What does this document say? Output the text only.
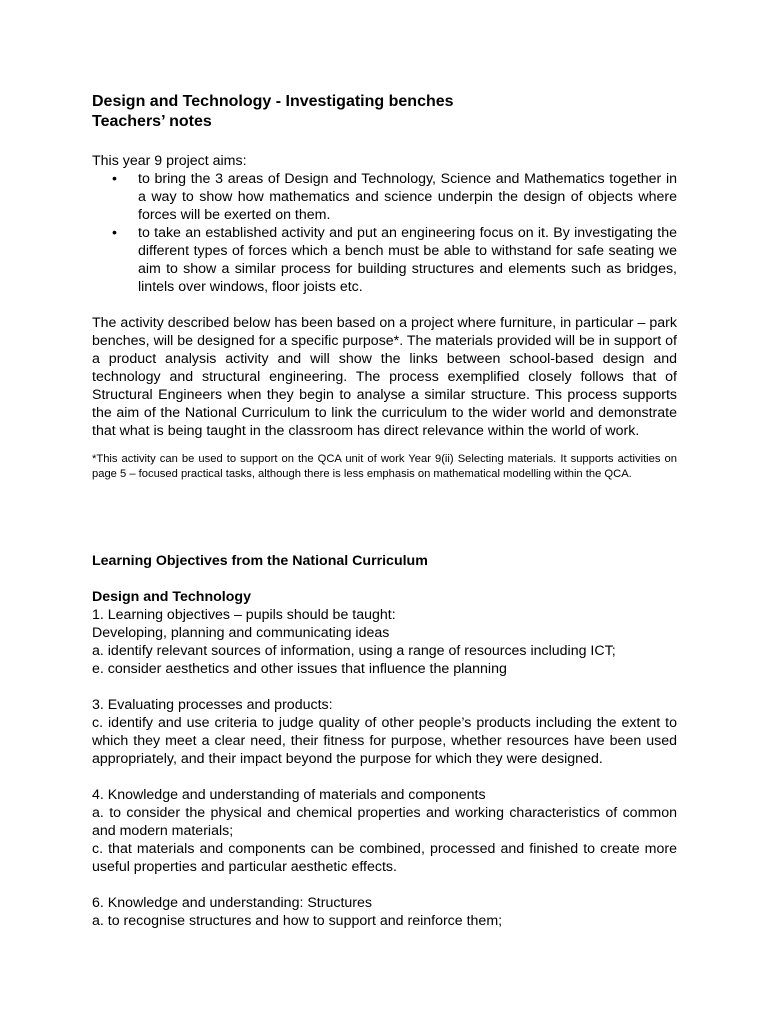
Design and Technology - Investigating benches

Teachers’ notes

This year 9 project aims:

• to bring the 3 areas of Design and Technology, Science and Mathematics together in a way to show how mathematics and science underpin the design of objects where forces will be exerted on them.
• to take an established activity and put an engineering focus on it. By investigating the different types of forces which a bench must be able to withstand for safe seating we aim to show a similar process for building structures and elements such as bridges, lintels over windows, floor joists etc.

The activity described below has been based on a project where furniture, in particular – park benches, will be designed for a specific purpose*. The materials provided will be in support of a product analysis activity and will show the links between school-based design and technology and structural engineering. The process exemplified closely follows that of Structural Engineers when they begin to analyse a similar structure. This process supports the aim of the National Curriculum to link the curriculum to the wider world and demonstrate that what is being taught in the classroom has direct relevance within the world of work.

*This activity can be used to support on the QCA unit of work Year 9(ii) Selecting materials. It supports activities on page 5 – focused practical tasks, although there is less emphasis on mathematical modelling within the QCA.

Learning Objectives from the National Curriculum

Design and Technology

1. Learning objectives – pupils should be taught:

Developing, planning and communicating ideas

a. identify relevant sources of information, using a range of resources including ICT;

e. consider aesthetics and other issues that influence the planning

3. Evaluating processes and products:

c. identify and use criteria to judge quality of other people’s products including the extent to which they meet a clear need, their fitness for purpose, whether resources have been used appropriately, and their impact beyond the purpose for which they were designed.

4. Knowledge and understanding of materials and components

a. to consider the physical and chemical properties and working characteristics of common and modern materials;

c. that materials and components can be combined, processed and finished to create more useful properties and particular aesthetic effects.

6. Knowledge and understanding: Structures

a. to recognise structures and how to support and reinforce them;
